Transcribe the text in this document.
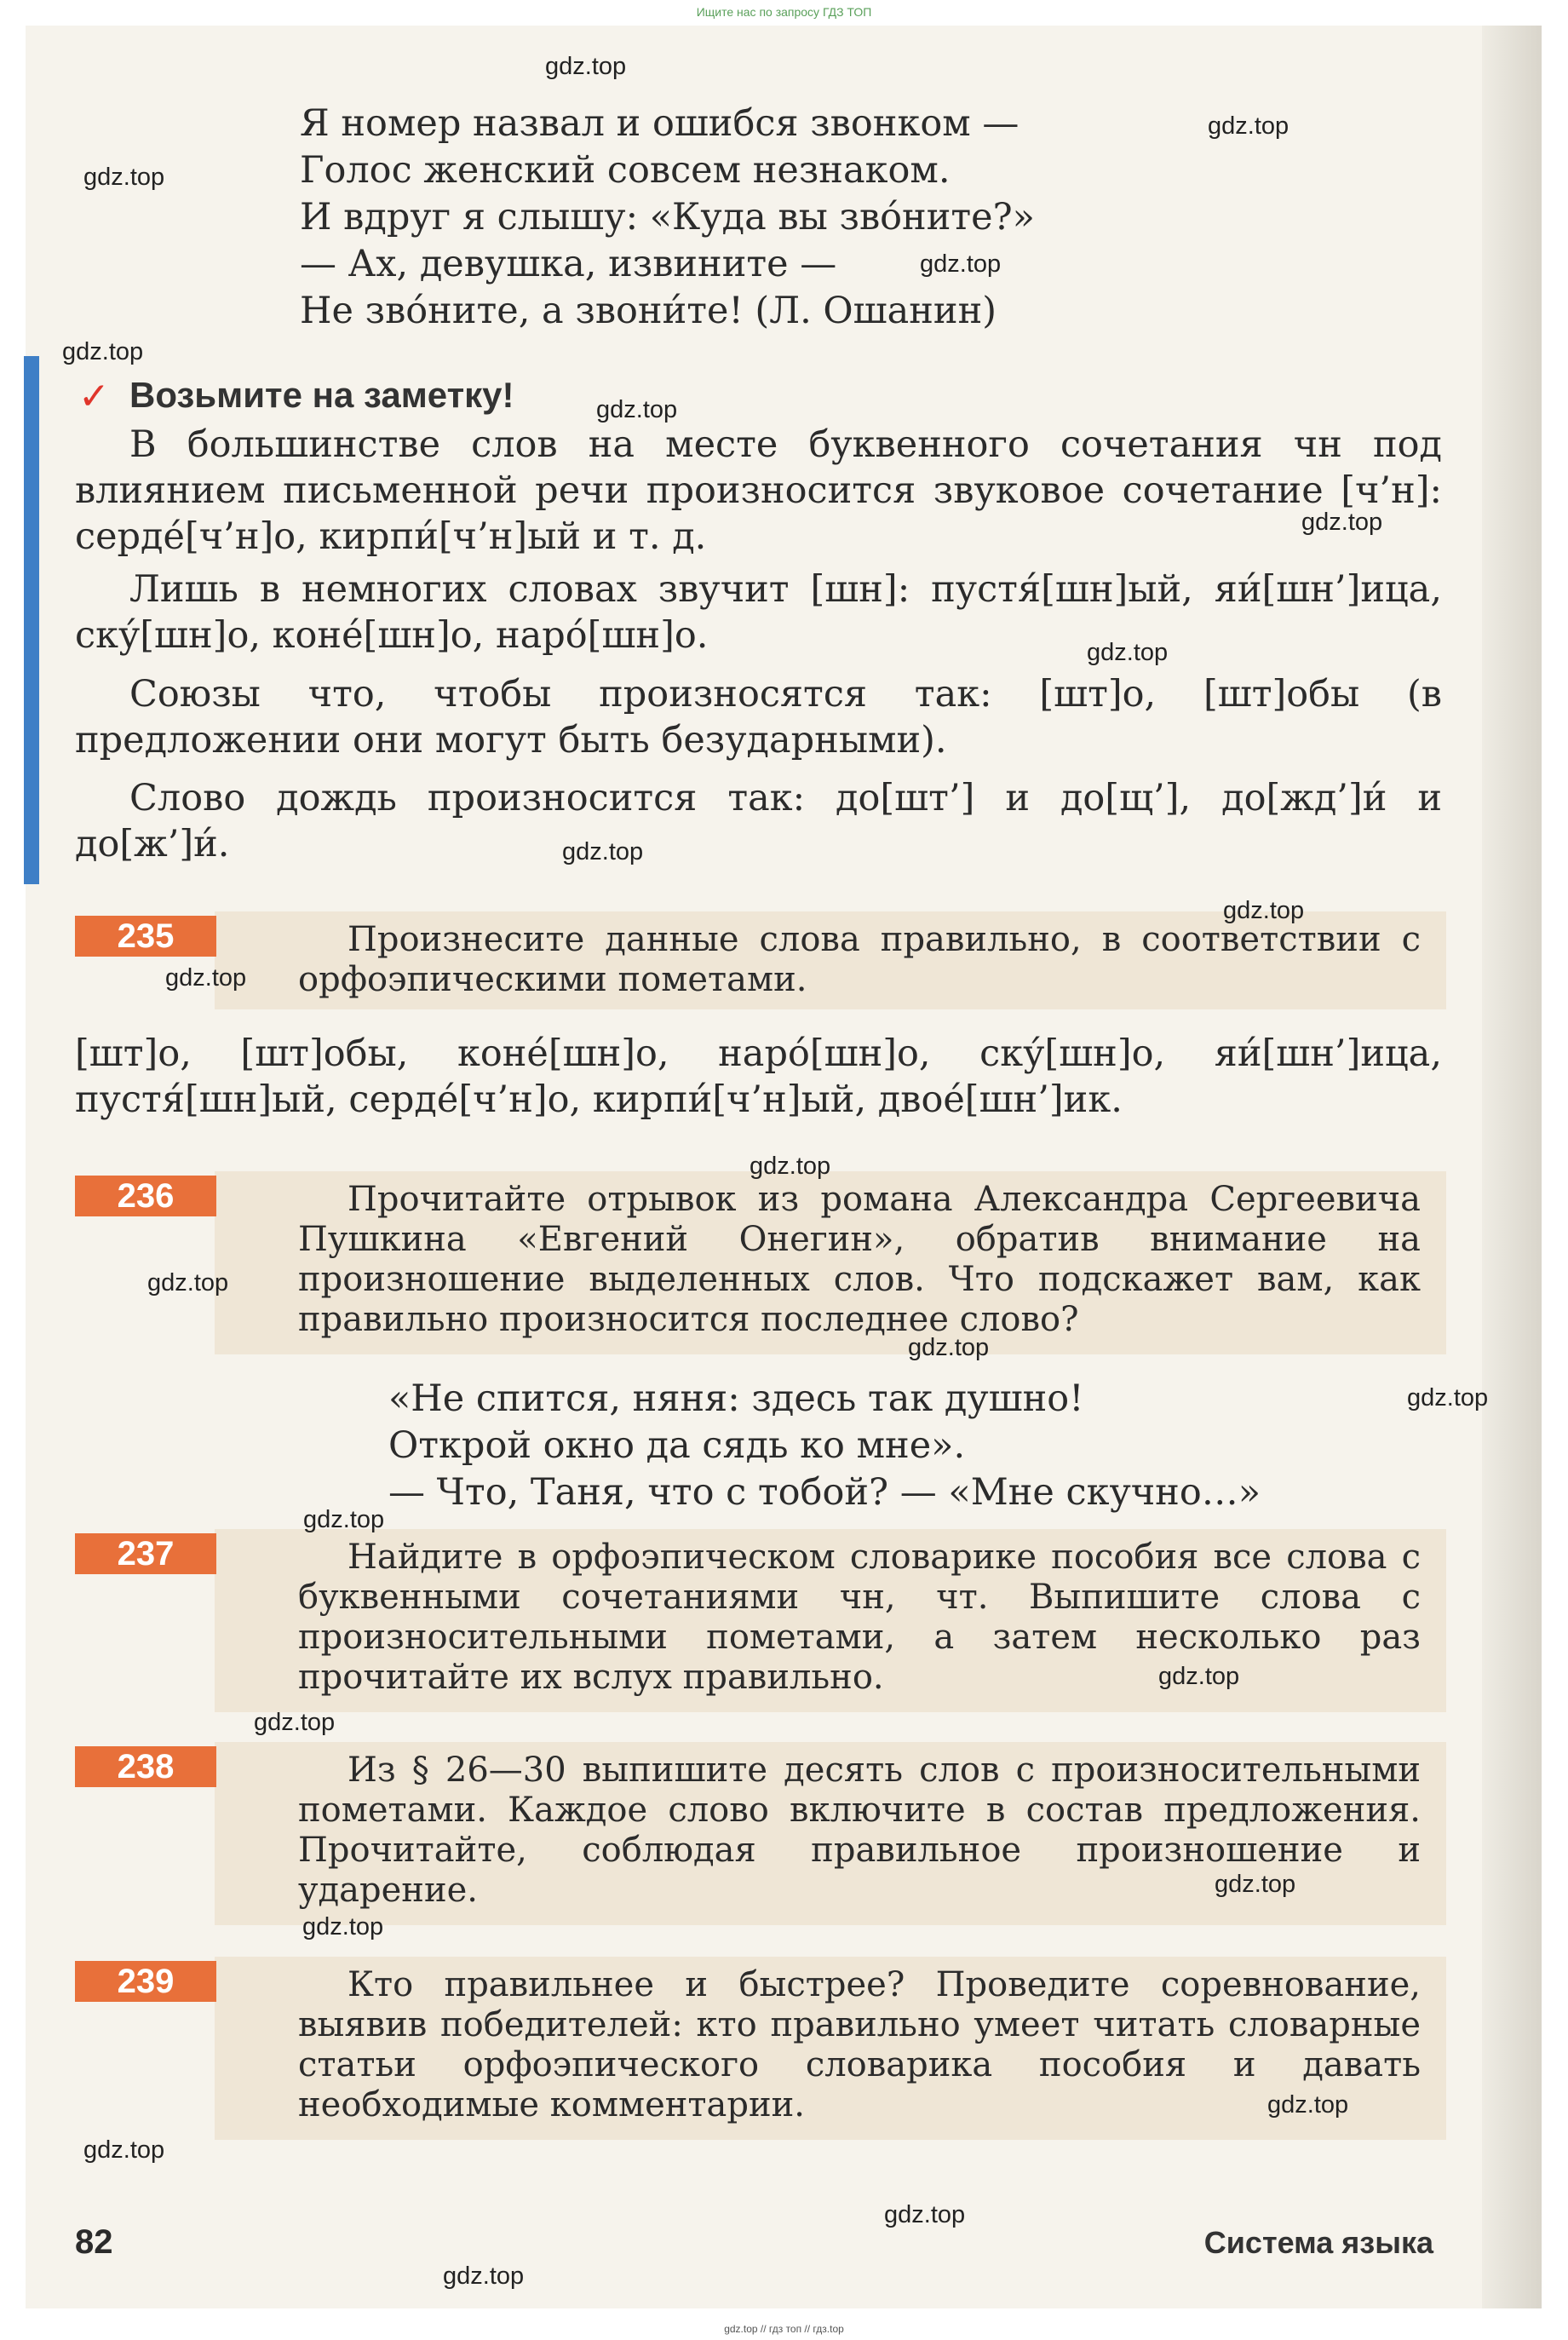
Ищите нас по запросу ГДЗ ТОП
Я номер назвал и ошибся звонком —
Голос женский совсем незнаком.
И вдруг я слышу: «Куда вы зво́ните?»
— Ах, девушка, извините —
Не зво́ните, а звони́те! (Л. Ошанин)
✓ Возьмите на заметку!
В большинстве слов на месте буквенного сочетания чн под влиянием письменной речи произносится звуковое сочетание [ч’н]: серде́[ч’н]о, кирпи́[ч’н]ый и т. д.
Лишь в немногих словах звучит [шн]: пустя́[шн]ый, яи́[шн’]ица, ску́[шн]о, коне́[шн]о, наро́[шн]о.
Союзы что, чтобы произносятся так: [шт]о, [шт]обы (в предложении они могут быть безударными).
Слово дождь произносится так: до[шт’] и до[щ’], до[жд’]и́ и до[ж’]и́.
235	Произнесите данные слова правильно, в соответствии с орфоэпическими пометами.
[шт]о, [шт]обы, коне́[шн]о, наро́[шн]о, ску́[шн]о, яи́[шн’]ица, пустя́[шн]ый, серде́[ч’н]о, кирпи́[ч’н]ый, двое́[шн’]ик.
236	Прочитайте отрывок из романа Александра Сергеевича Пушкина «Евгений Онегин», обратив внимание на произношение выделенных слов. Что подскажет вам, как правильно произносится последнее слово?
«Не спится, няня: здесь так душно!
Открой окно да сядь ко мне».
— Что, Таня, что с тобой? — «Мне скучно…»
237	Найдите в орфоэпическом словарике пособия все слова с буквенными сочетаниями чн, чт. Выпишите слова с произносительными пометами, а затем несколько раз прочитайте их вслух правильно.
238	Из § 26—30 выпишите десять слов с произносительными пометами. Каждое слово включите в состав предложения. Прочитайте, соблюдая правильное произношение и ударение.
239	Кто правильнее и быстрее? Проведите соревнование, выявив победителей: кто правильно умеет читать словарные статьи орфоэпического словарика пособия и давать необходимые комментарии.
82	Система языка
gdz.top
gdz.top
gdz.top
gdz.top
gdz.top
gdz.top
gdz.top
gdz.top
gdz.top
gdz.top
gdz.top
gdz.top
gdz.top
gdz.top
gdz.top
gdz.top
gdz.top
gdz.top
gdz.top
gdz.top
gdz.top
gdz.top
gdz.top
gdz.top
gdz.top // гдз топ // гдз.top
